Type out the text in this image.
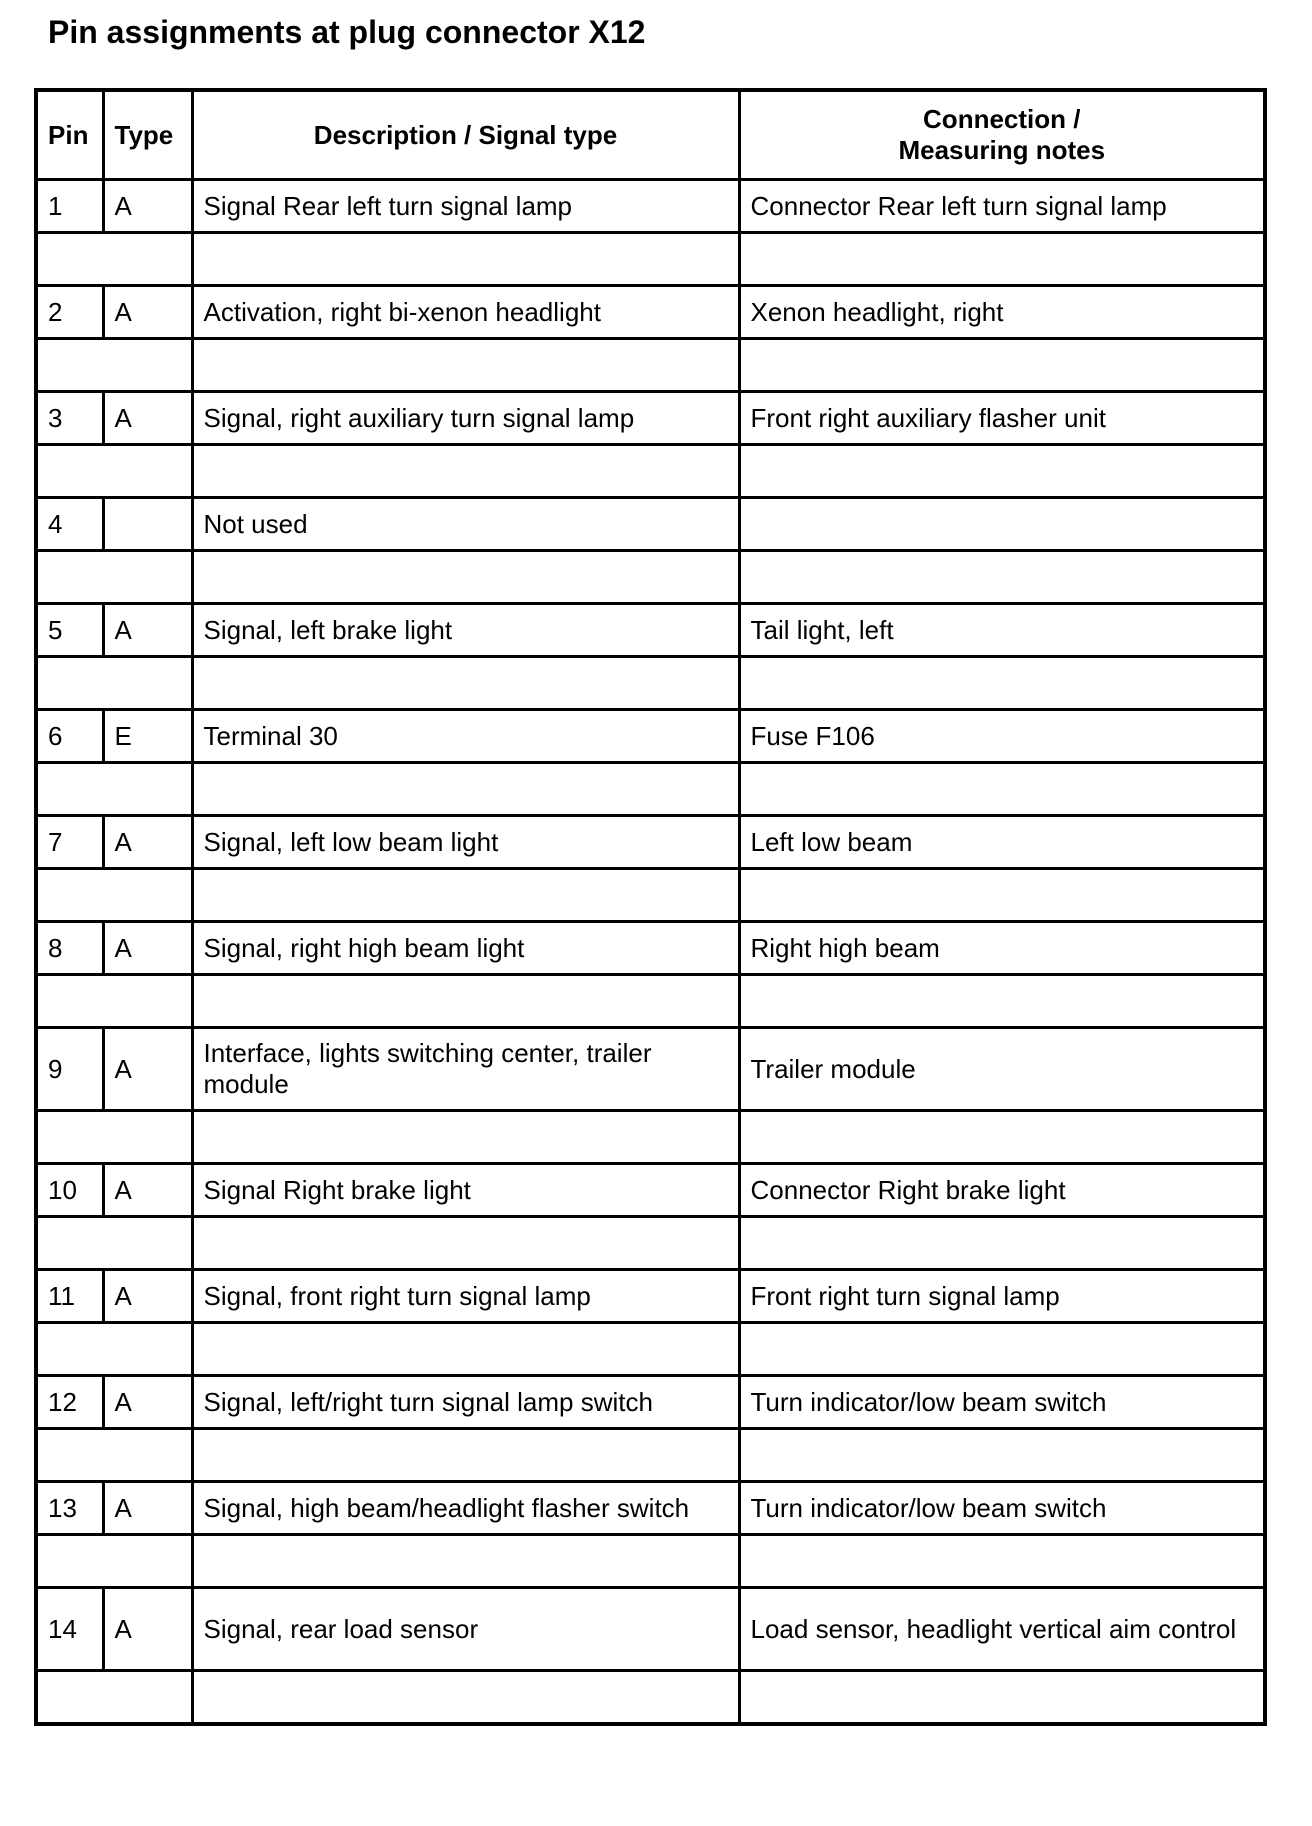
Pin assignments at plug connector X12
Pin	Type	Description / Signal type	Connection /
Measuring notes

1	A	Signal Rear left turn signal lamp	Connector Rear left turn signal lamp

2	A	Activation, right bi-xenon headlight	Xenon headlight, right

3	A	Signal, right auxiliary turn signal lamp	Front right auxiliary flasher unit

4		Not used	

5	A	Signal, left brake light	Tail light, left

6	E	Terminal 30	Fuse F106

7	A	Signal, left low beam light	Left low beam

8	A	Signal, right high beam light	Right high beam

9	A	Interface, lights switching center, trailer module	Trailer module

10	A	Signal Right brake light	Connector Right brake light

11	A	Signal, front right turn signal lamp	Front right turn signal lamp

12	A	Signal, left/right turn signal lamp switch	Turn indicator/low beam switch

13	A	Signal, high beam/headlight flasher switch	Turn indicator/low beam switch

14	A	Signal, rear load sensor	Load sensor, headlight vertical aim control
